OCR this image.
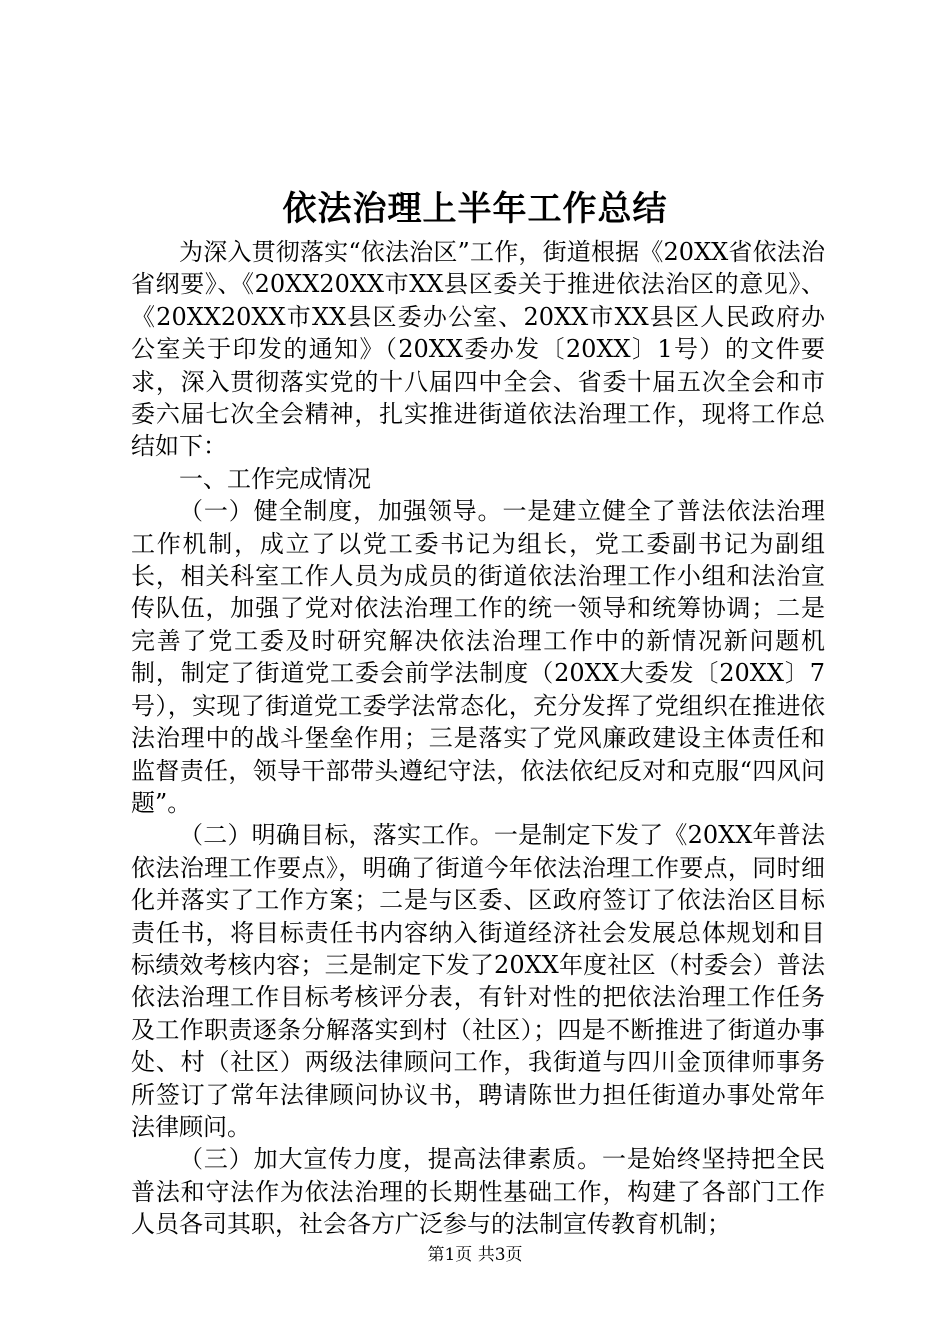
依法治理上半年工作总结

为深入贯彻落实“依法治区”工作，街道根据《20XX省依法治省纲要》、《20XX20XX市XX县区委关于推进依法治区的意见》、《20XX20XX市XX县区委办公室、20XX市XX县区人民政府办公室关于印发的通知》（20XX委办发〔20XX〕1号）的文件要求，深入贯彻落实党的十八届四中全会、省委十届五次全会和市委六届七次全会精神，扎实推进街道依法治理工作，现将工作总结如下：

一、工作完成情况

（一）健全制度，加强领导。一是建立健全了普法依法治理工作机制，成立了以党工委书记为组长，党工委副书记为副组长，相关科室工作人员为成员的街道依法治理工作小组和法治宣传队伍，加强了党对依法治理工作的统一领导和统筹协调；二是完善了党工委及时研究解决依法治理工作中的新情况新问题机制，制定了街道党工委会前学法制度（20XX大委发〔20XX〕7号），实现了街道党工委学法常态化，充分发挥了党组织在推进依法治理中的战斗堡垒作用；三是落实了党风廉政建设主体责任和监督责任，领导干部带头遵纪守法，依法依纪反对和克服“四风问题”。

（二）明确目标，落实工作。一是制定下发了《20XX年普法依法治理工作要点》，明确了街道今年依法治理工作要点，同时细化并落实了工作方案；二是与区委、区政府签订了依法治区目标责任书，将目标责任书内容纳入街道经济社会发展总体规划和目标绩效考核内容；三是制定下发了20XX年度社区（村委会）普法依法治理工作目标考核评分表，有针对性的把依法治理工作任务及工作职责逐条分解落实到村（社区）；四是不断推进了街道办事处、村（社区）两级法律顾问工作，我街道与四川金顶律师事务所签订了常年法律顾问协议书，聘请陈世力担任街道办事处常年法律顾问。

（三）加大宣传力度，提高法律素质。一是始终坚持把全民普法和守法作为依法治理的长期性基础工作，构建了各部门工作人员各司其职，社会各方广泛参与的法制宣传教育机制；

第1页 共3页
